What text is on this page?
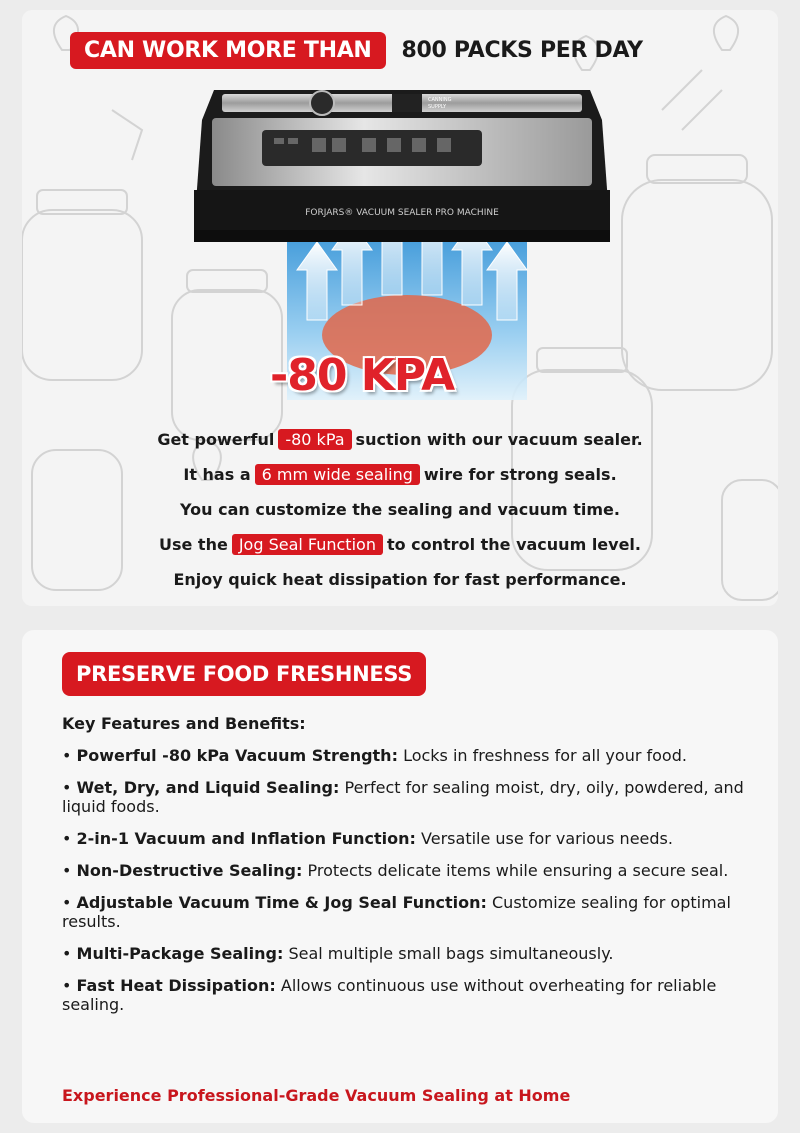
CAN WORK MORE THAN	800 PACKS PER DAY
CANNING
SUPPLY
FORJARS® VACUUM SEALER PRO MACHINE
-80 KPA
Get powerful -80 kPa suction with our vacuum sealer.
It has a 6 mm wide sealing wire for strong seals.
You can customize the sealing and vacuum time.
Use the Jog Seal Function to control the vacuum level.
Enjoy quick heat dissipation for fast performance.
PRESERVE FOOD FRESHNESS
Key Features and Benefits:
• Powerful -80 kPa Vacuum Strength: Locks in freshness for all your food.
• Wet, Dry, and Liquid Sealing: Perfect for sealing moist, dry, oily, powdered, and liquid foods.
• 2-in-1 Vacuum and Inflation Function: Versatile use for various needs.
• Non-Destructive Sealing: Protects delicate items while ensuring a secure seal.
• Adjustable Vacuum Time & Jog Seal Function: Customize sealing for optimal results.
• Multi-Package Sealing: Seal multiple small bags simultaneously.
• Fast Heat Dissipation: Allows continuous use without overheating for reliable sealing.
Experience Professional-Grade Vacuum Sealing at Home
